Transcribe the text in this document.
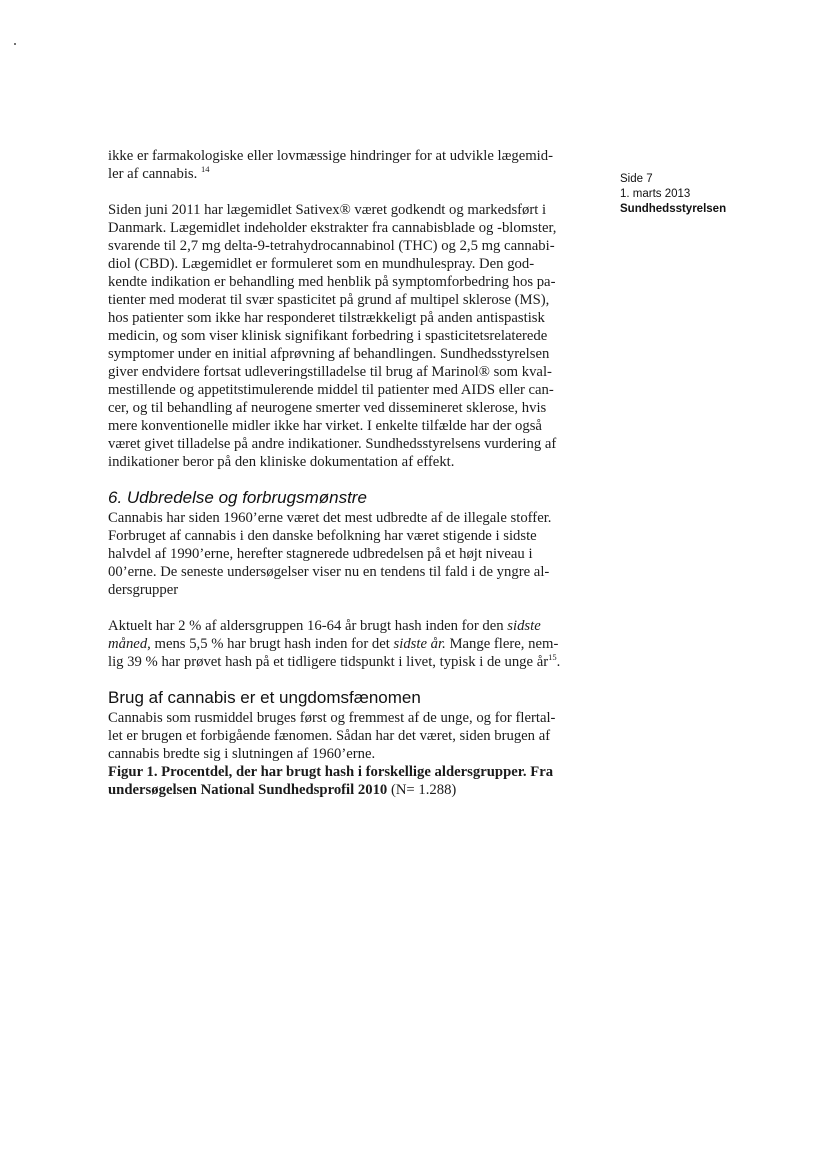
Side 7
1. marts 2013
Sundhedsstyrelsen

ikke er farmakologiske eller lovmæssige hindringer for at udvikle lægemid-
ler af cannabis. $^{14}$

Siden juni 2011 har lægemidlet Sativex® været godkendt og markedsført i
Danmark. Lægemidlet indeholder ekstrakter fra cannabisblade og -blomster,
svarende til 2,7 mg delta-9-tetrahydrocannabinol (THC) og 2,5 mg cannabi-
diol (CBD). Lægemidlet er formuleret som en mundhulespray. Den god-
kendte indikation er behandling med henblik på symptomforbedring hos pa-
tienter med moderat til svær spasticitet på grund af multipel sklerose (MS),
hos patienter som ikke har responderet tilstrækkeligt på anden antispastisk
medicin, og som viser klinisk signifikant forbedring i spasticitetsrelaterede
symptomer under en initial afprøvning af behandlingen. Sundhedsstyrelsen
giver endvidere fortsat udleveringstilladelse til brug af Marinol® som kval-
mestillende og appetitstimulerende middel til patienter med AIDS eller can-
cer, og til behandling af neurogene smerter ved dissemineret sklerose, hvis
mere konventionelle midler ikke har virket. I enkelte tilfælde har der også
været givet tilladelse på andre indikationer. Sundhedsstyrelsens vurdering af
indikationer beror på den kliniske dokumentation af effekt.

6. Udbredelse og forbrugsmønstre

Cannabis har siden 1960’erne været det mest udbredte af de illegale stoffer.
Forbruget af cannabis i den danske befolkning har været stigende i sidste
halvdel af 1990’erne, herefter stagnerede udbredelsen på et højt niveau i
00’erne. De seneste undersøgelser viser nu en tendens til fald i de yngre al-
dersgrupper

Aktuelt har 2 % af aldersgruppen 16-64 år brugt hash inden for den sidste
måned, mens 5,5 % har brugt hash inden for det sidste år. Mange flere, nem-
lig 39 % har prøvet hash på et tidligere tidspunkt i livet, typisk i de unge $år^{15}$.

Brug af cannabis er et ungdomsfænomen

Cannabis som rusmiddel bruges først og fremmest af de unge, og for flertal-
let er brugen et forbigående fænomen. Sådan har det været, siden brugen af
cannabis bredte sig i slutningen af 1960’erne.

Figur 1. Procentdel, der har brugt hash i forskellige aldersgrupper. Fra
undersøgelsen National Sundhedsprofil 2010 (N= 1.288)
